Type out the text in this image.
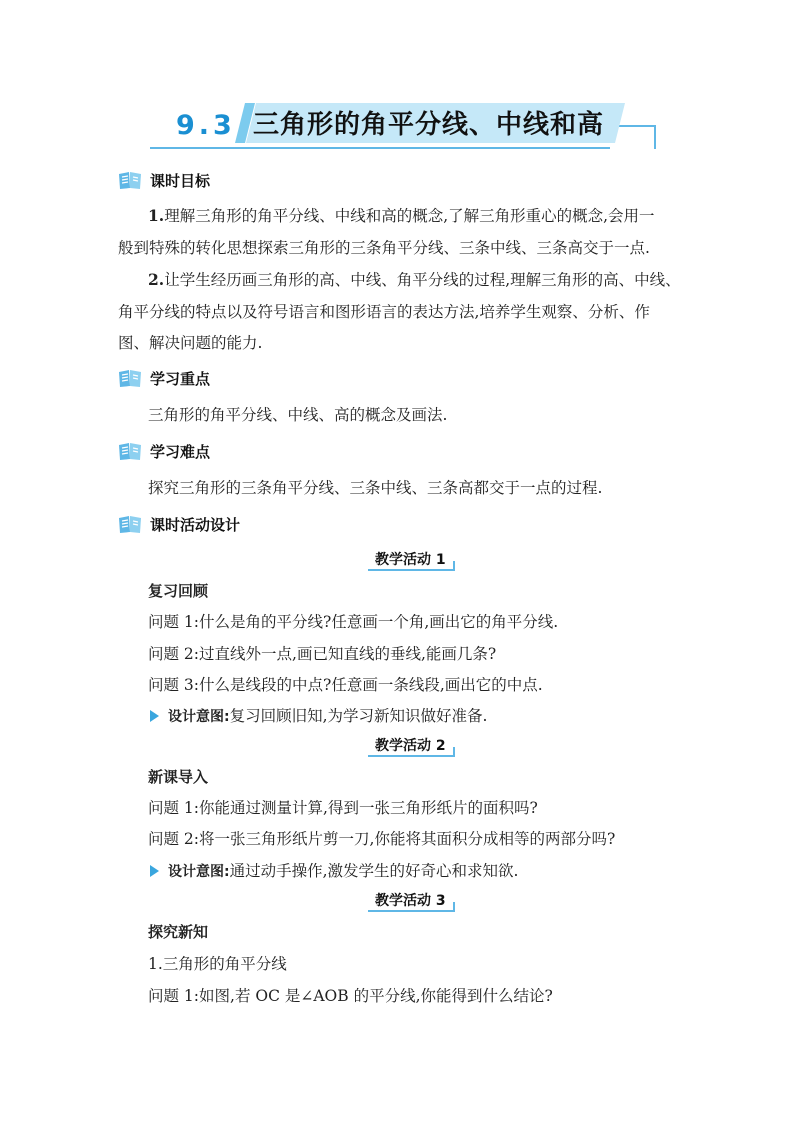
9.3 三角形的角平分线、中线和高
课时目标
1.理解三角形的角平分线、中线和高的概念,了解三角形重心的概念,会用一
般到特殊的转化思想探索三角形的三条角平分线、三条中线、三条高交于一点.
2.让学生经历画三角形的高、中线、角平分线的过程,理解三角形的高、中线、
角平分线的特点以及符号语言和图形语言的表达方法,培养学生观察、分析、作
图、解决问题的能力.
学习重点
三角形的角平分线、中线、高的概念及画法.
学习难点
探究三角形的三条角平分线、三条中线、三条高都交于一点的过程.
课时活动设计
教学活动 1
复习回顾
问题 1:什么是角的平分线?任意画一个角,画出它的角平分线.
问题 2:过直线外一点,画已知直线的垂线,能画几条?
问题 3:什么是线段的中点?任意画一条线段,画出它的中点.
设计意图:复习回顾旧知,为学习新知识做好准备.
教学活动 2
新课导入
问题 1:你能通过测量计算,得到一张三角形纸片的面积吗?
问题 2:将一张三角形纸片剪一刀,你能将其面积分成相等的两部分吗?
设计意图:通过动手操作,激发学生的好奇心和求知欲.
教学活动 3
探究新知
1.三角形的角平分线
问题 1:如图,若 OC 是∠AOB 的平分线,你能得到什么结论?
